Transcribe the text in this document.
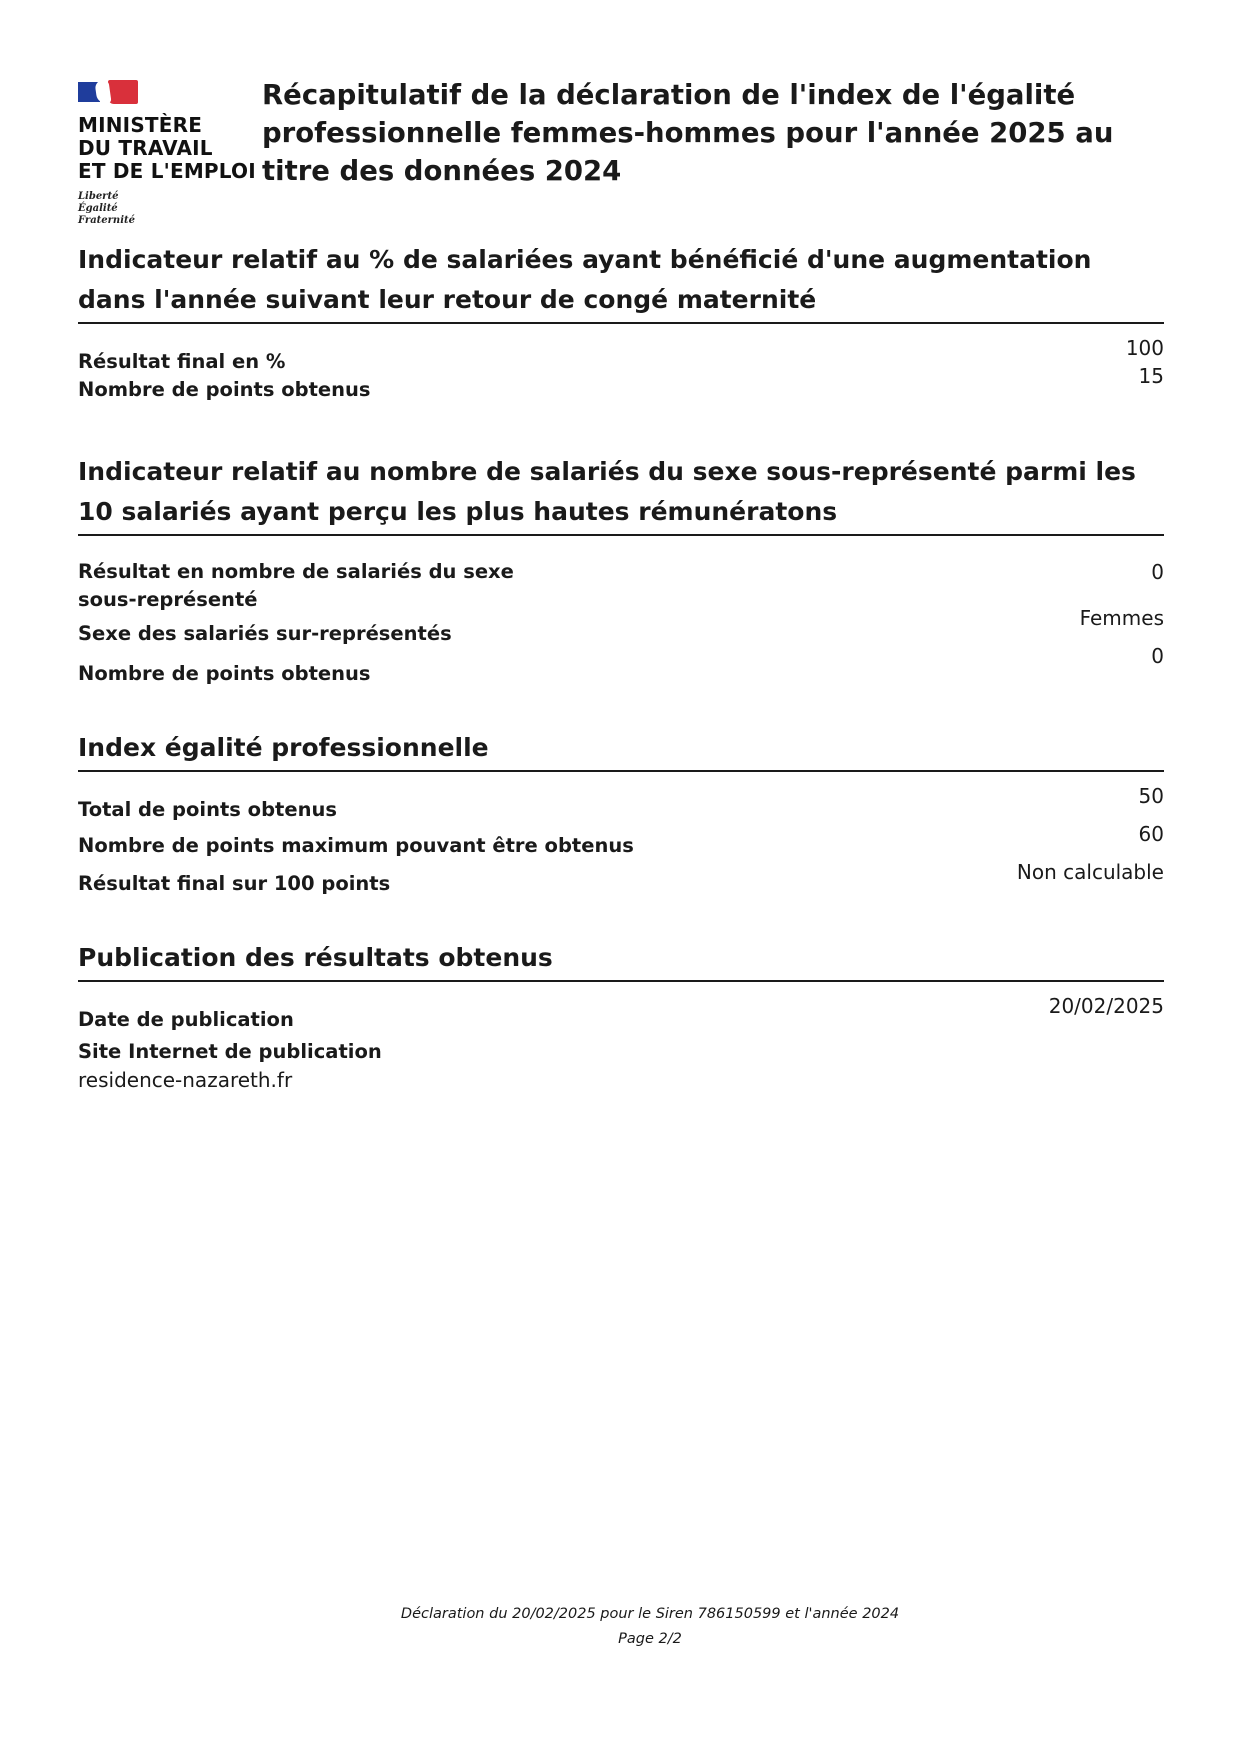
MINISTÈRE
DU TRAVAIL
ET DE L'EMPLOI
Liberté
Égalité
Fraternité
Récapitulatif de la déclaration de l'index de l'égalité professionnelle femmes-hommes pour l'année 2025 au titre des données 2024
Indicateur relatif au % de salariées ayant bénéficié d'une augmentation dans l'année suivant leur retour de congé maternité
Résultat final en %
100
Nombre de points obtenus
15
Indicateur relatif au nombre de salariés du sexe sous-représenté parmi les 10 salariés ayant perçu les plus hautes rémunératons
Résultat en nombre de salariés du sexe
sous-représenté
0
Sexe des salariés sur-représentés
Femmes
Nombre de points obtenus
0
Index égalité professionnelle
Total de points obtenus
50
Nombre de points maximum pouvant être obtenus	60
Résultat final sur 100 points	Non calculable
Publication des résultats obtenus
Date de publication
20/02/2025
Site Internet de publication
residence-nazareth.fr
Déclaration du 20/02/2025 pour le Siren 786150599 et l'année 2024
Page 2/2
